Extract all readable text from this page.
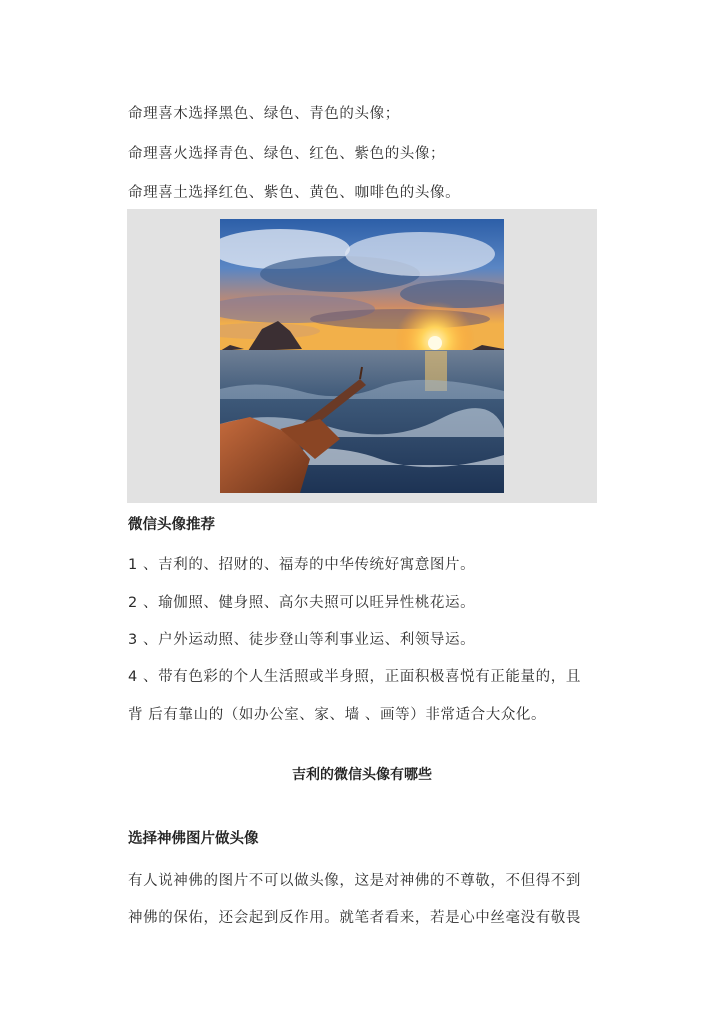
命理喜木选择黑色、绿色、青色的头像；
命理喜火选择青色、绿色、红色、紫色的头像；
命理喜土选择红色、紫色、黄色、咖啡色的头像。
微信头像推荐
1 、吉利的、招财的、福寿的中华传统好寓意图片。
2 、瑜伽照、健身照、高尔夫照可以旺异性桃花运。
3 、户外运动照、徒步登山等利事业运、利领导运。
4 、带有色彩的个人生活照或半身照，正面积极喜悦有正能量的，且
背 后有靠山的（如办公室、家、墙 、画等）非常适合大众化。
吉利的微信头像有哪些
选择神佛图片做头像
有人说神佛的图片不可以做头像，这是对神佛的不尊敬，不但得不到
神佛的保佑，还会起到反作用。就笔者看来，若是心中丝毫没有敬畏
